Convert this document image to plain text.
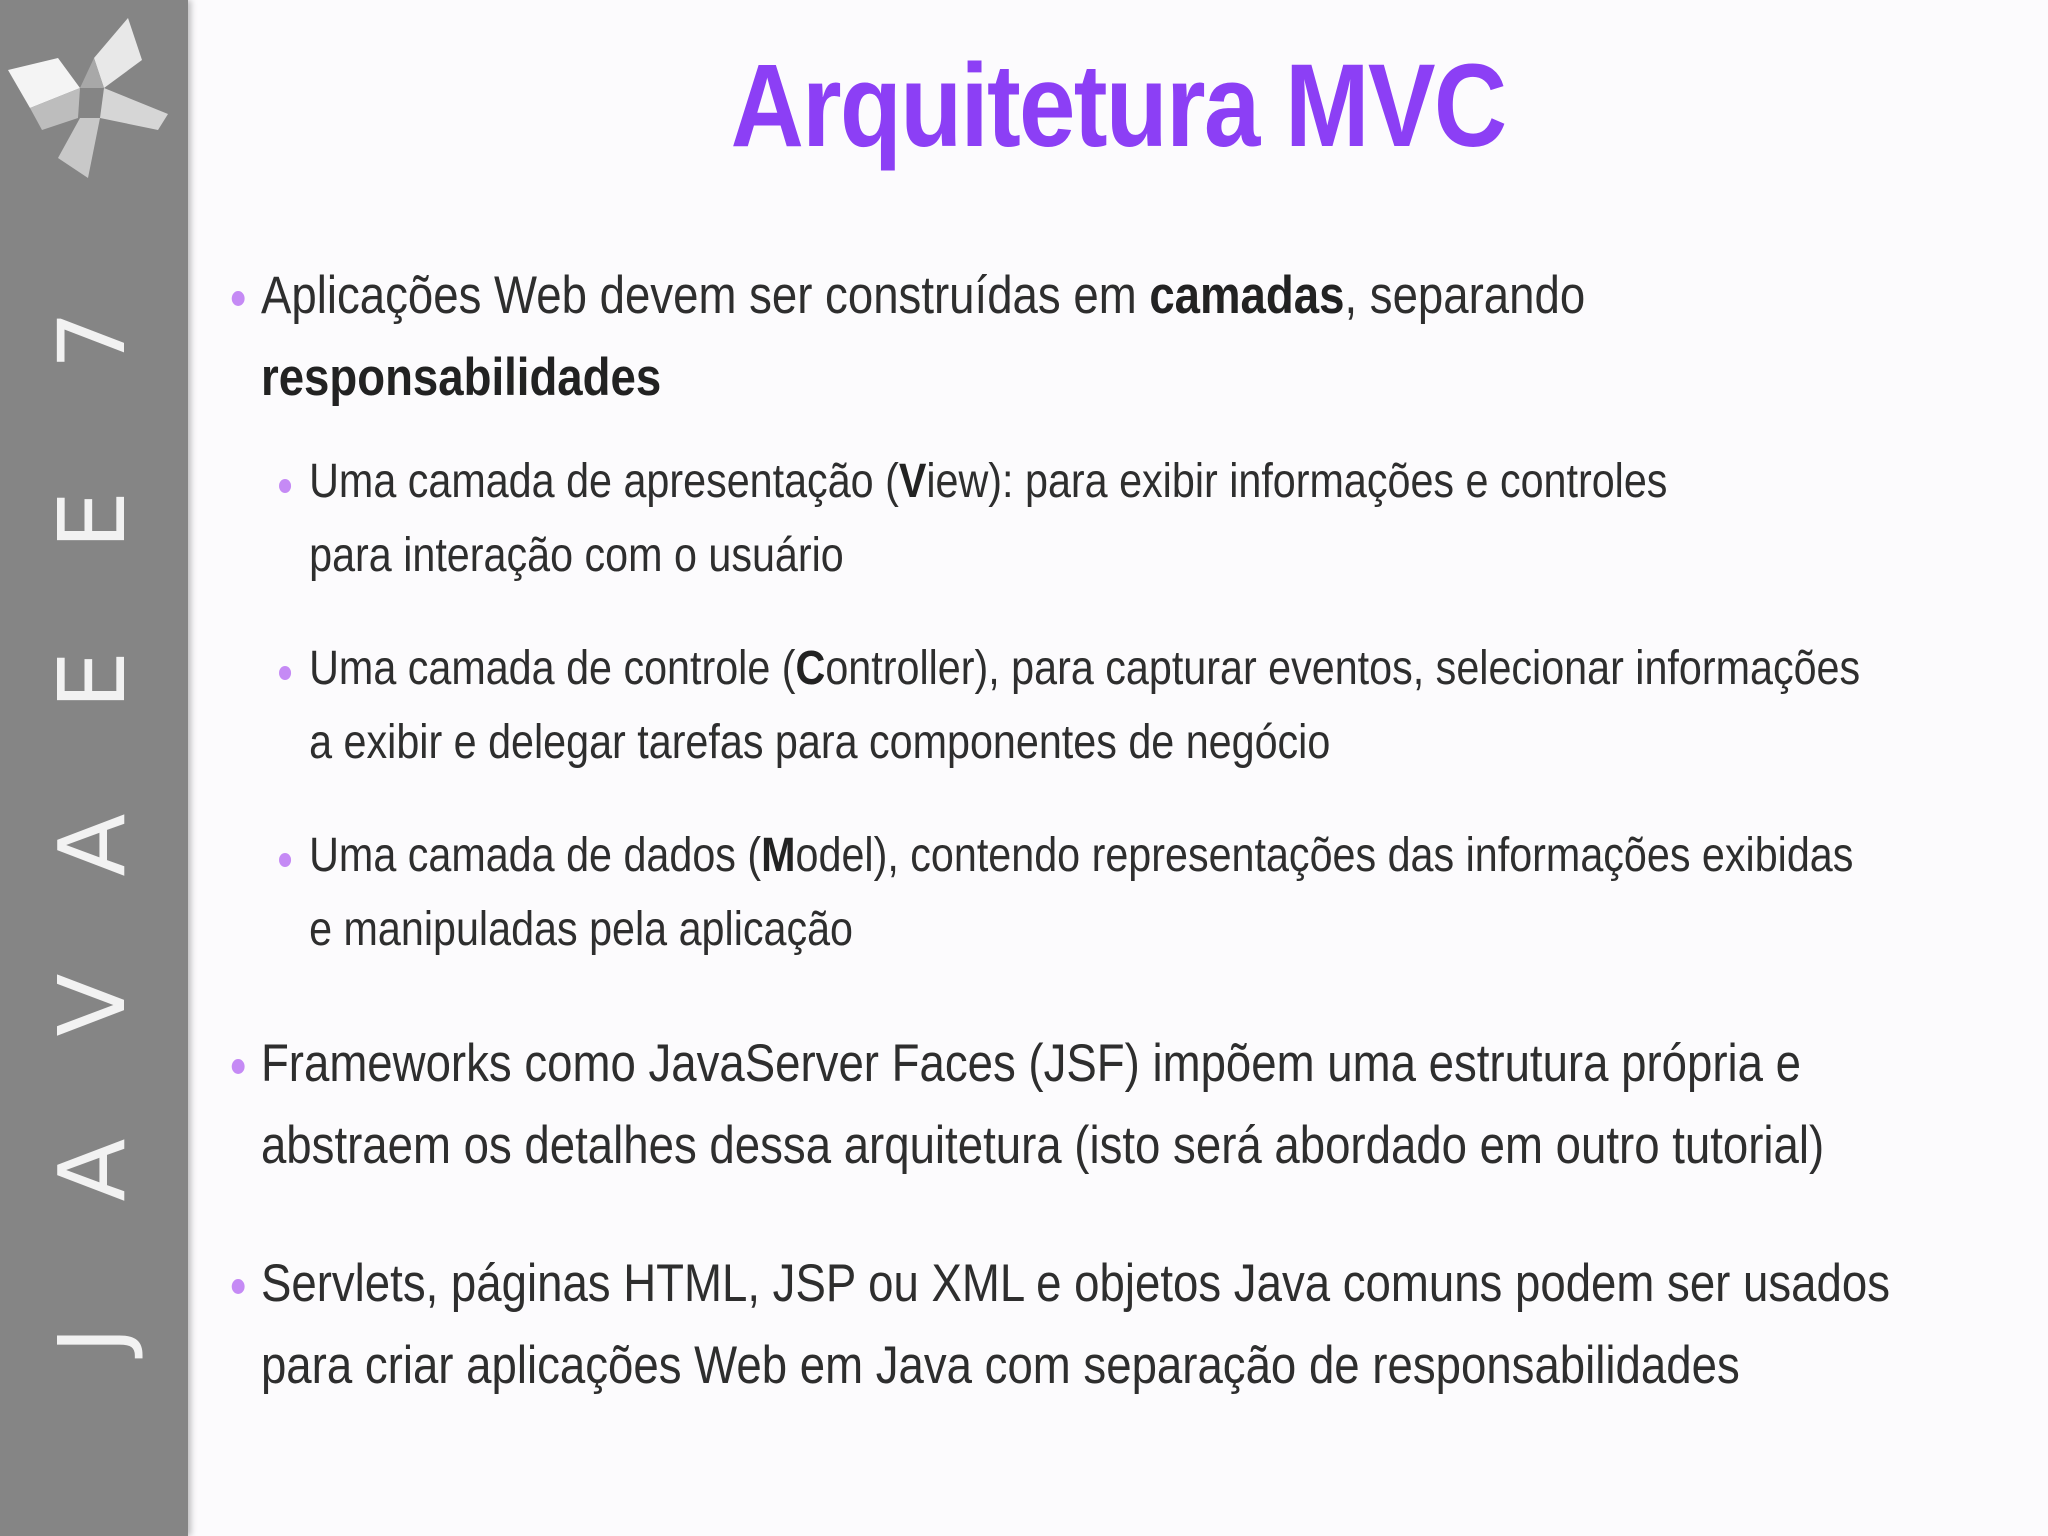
J
A
V
A
E
E
7
Arquitetura MVC
Aplicações Web devem ser construídas em camadas, separando
responsabilidades
Uma camada de apresentação (View): para exibir informações e controles para interação com o usuário
Uma camada de controle (Controller), para capturar eventos, selecionar informações a exibir e delegar tarefas para componentes de negócio
Uma camada de dados (Model), contendo representações das informações exibidas e manipuladas pela aplicação
Frameworks como JavaServer Faces (JSF) impõem uma estrutura própria e abstraem os detalhes dessa arquitetura (isto será abordado em outro tutorial)
Servlets, páginas HTML, JSP ou XML e objetos Java comuns podem ser usados para criar aplicações Web em Java com separação de responsabilidades
